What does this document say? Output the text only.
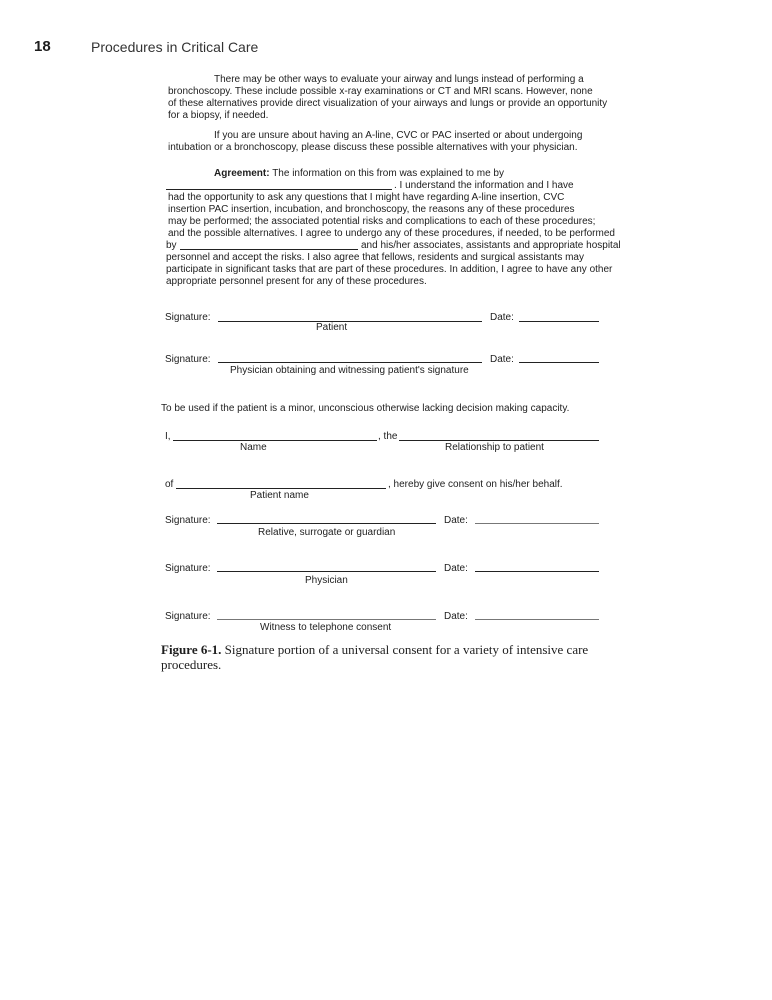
18	Procedures in Critical Care
There may be other ways to evaluate your airway and lungs instead of performing a
bronchoscopy. These include possible x-ray examinations or CT and MRI scans. However, none
of these alternatives provide direct visualization of your airways and lungs or provide an opportunity
for a biopsy, if needed.
If you are unsure about having an A-line, CVC or PAC inserted or about undergoing
intubation or a bronchoscopy, please discuss these possible alternatives with your physician.
Agreement: The information on this from was explained to me by
. I understand the information and I have
had the opportunity to ask any questions that I might have regarding A-line insertion, CVC
insertion PAC insertion, incubation, and bronchoscopy, the reasons any of these procedures
may be performed; the associated potential risks and complications to each of these procedures;
and the possible alternatives. I agree to undergo any of these procedures, if needed, to be performed
by	and his/her associates, assistants and appropriate hospital
personnel and accept the risks. I also agree that fellows, residents and surgical assistants may
participate in significant tasks that are part of these procedures. In addition, I agree to have any other
appropriate personnel present for any of these procedures.
Signature:	Date:
Patient
Signature:	Date:
Physician obtaining and witnessing patient's signature
To be used if the patient is a minor, unconscious otherwise lacking decision making capacity.
I,	, the
Name	Relationship to patient
of	, hereby give consent on his/her behalf.
Patient name
Signature:	Date:
Relative, surrogate or guardian
Signature:	Date:
Physician
Signature:	Date:
Witness to telephone consent
Figure 6-1. Signature portion of a universal consent for a variety of intensive care procedures.
